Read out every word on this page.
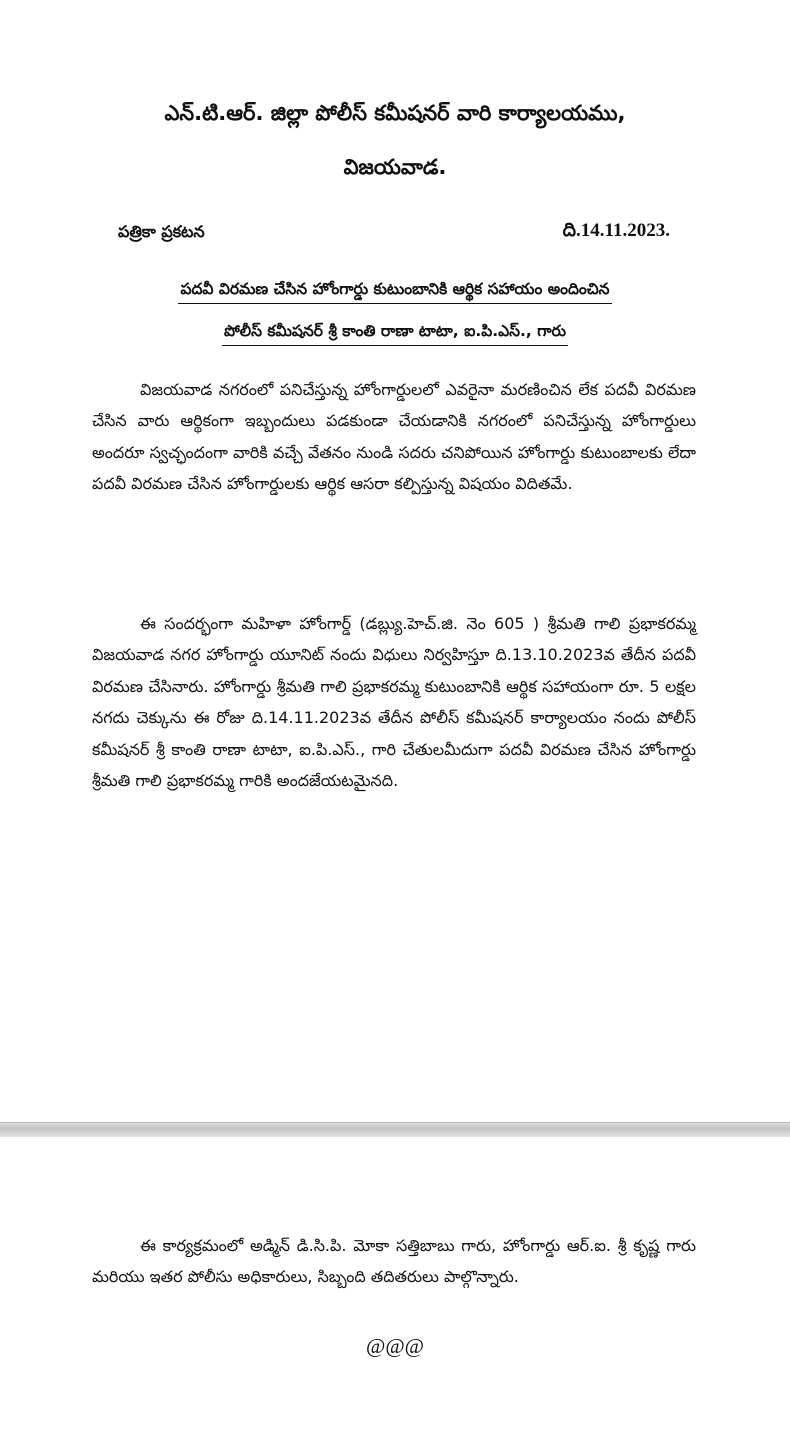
ఎన్.టి.ఆర్. జిల్లా పోలీస్ కమీషనర్ వారి కార్యాలయము,
విజయవాడ.
పత్రికా ప్రకటన	ది.14.11.2023.
పదవీ విరమణ చేసిన హోంగార్డు కుటుంబానికి ఆర్థిక సహాయం అందించిన
పోలీస్ కమీషనర్ శ్రీ కాంతి రాణా టాటా, ఐ.పి.ఎస్., గారు

విజయవాడ నగరంలో పనిచేస్తున్న హోంగార్డులలో ఎవరైనా మరణించిన లేక పదవీ విరమణ చేసిన వారు ఆర్థికంగా ఇబ్బందులు పడకుండా చేయడానికి నగరంలో పనిచేస్తున్న హోంగార్డులు అందరూ స్వచ్ఛందంగా వారికి వచ్చే వేతనం నుండి సదరు చనిపోయిన హోంగార్డు కుటుంబాలకు లేదా పదవీ విరమణ చేసిన హోంగార్డులకు ఆర్థిక ఆసరా కల్పిస్తున్న విషయం విదితమే.

ఈ సందర్భంగా మహిళా హోంగార్డ్ (డబ్ల్యు.హెచ్.జి. నెం 605 ) శ్రీమతి గాలి ప్రభాకరమ్మ విజయవాడ నగర హోంగార్డు యూనిట్ నందు విధులు నిర్వహిస్తూ ది.13.10.2023వ తేదీన పదవీ విరమణ చేసినారు. హోంగార్డు శ్రీమతి గాలి ప్రభాకరమ్మ కుటుంబానికి ఆర్థిక సహాయంగా రూ. 5 లక్షల నగదు చెక్కును ఈ రోజు ది.14.11.2023వ తేదీన పోలీస్ కమీషనర్ కార్యాలయం నందు పోలీస్ కమీషనర్ శ్రీ కాంతి రాణా టాటా, ఐ.పి.ఎస్., గారి చేతులమీదుగా పదవీ విరమణ చేసిన హోంగార్డు శ్రీమతి గాలి ప్రభాకరమ్మ గారికి అందజేయటమైనది.

ఈ కార్యక్రమంలో అడ్మిన్ డి.సి.పి. మోకా సత్తిబాబు గారు, హోంగార్డు ఆర్.ఐ. శ్రీ కృష్ణ గారు మరియు ఇతర పోలీసు అధికారులు, సిబ్బంది తదితరులు పాల్గొన్నారు.

@@@
